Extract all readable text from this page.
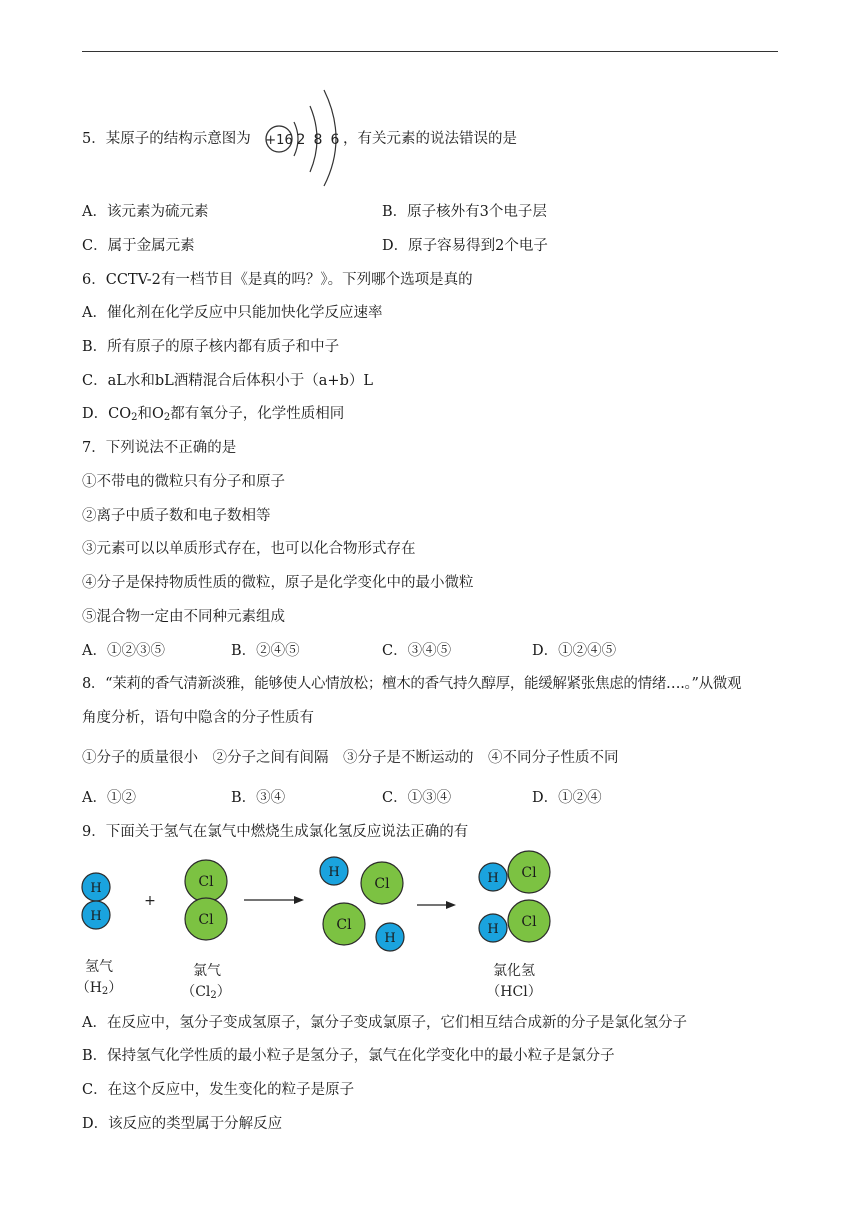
5．某原子的结构示意图为 +16 2 8 6 ，有关元素的说法错误的是
A．该元素为硫元素	B．原子核外有3个电子层
C．属于金属元素	D．原子容易得到2个电子
6．CCTV-2有一档节目《是真的吗？》。下列哪个选项是真的
A．催化剂在化学反应中只能加快化学反应速率
B．所有原子的原子核内都有质子和中子
C．aL水和bL酒精混合后体积小于（a+b）L
D．$CO_2$和$O_2$都有氧分子，化学性质相同
7．下列说法不正确的是
①不带电的微粒只有分子和原子
②离子中质子数和电子数相等
③元素可以以单质形式存在，也可以化合物形式存在
④分子是保持物质性质的微粒，原子是化学变化中的最小微粒
⑤混合物一定由不同种元素组成
A．①②③⑤	B．②④⑤	C．③④⑤	D．①②④⑤
8．“茉莉的香气清新淡雅，能够使人心情放松；檀木的香气持久醇厚，能缓解紧张焦虑的情绪….。”从微观
角度分析，语句中隐含的分子性质有
①分子的质量很小　②分子之间有间隔　③分子是不断运动的　④不同分子性质不同
A．①②	B．③④	C．①③④	D．①②④
9．下面关于氢气在氯气中燃烧生成氯化氢反应说法正确的有
H
H
+
Cl
Cl
H
Cl
Cl
H
Cl
H
Cl
H
氢气
$(H_2)$
氯气
$(Cl_2)$
氯化氢
（HCl）
A．在反应中，氢分子变成氢原子，氯分子变成氯原子，它们相互结合成新的分子是氯化氢分子
B．保持氢气化学性质的最小粒子是氢分子，氯气在化学变化中的最小粒子是氯分子
C．在这个反应中，发生变化的粒子是原子
D．该反应的类型属于分解反应
